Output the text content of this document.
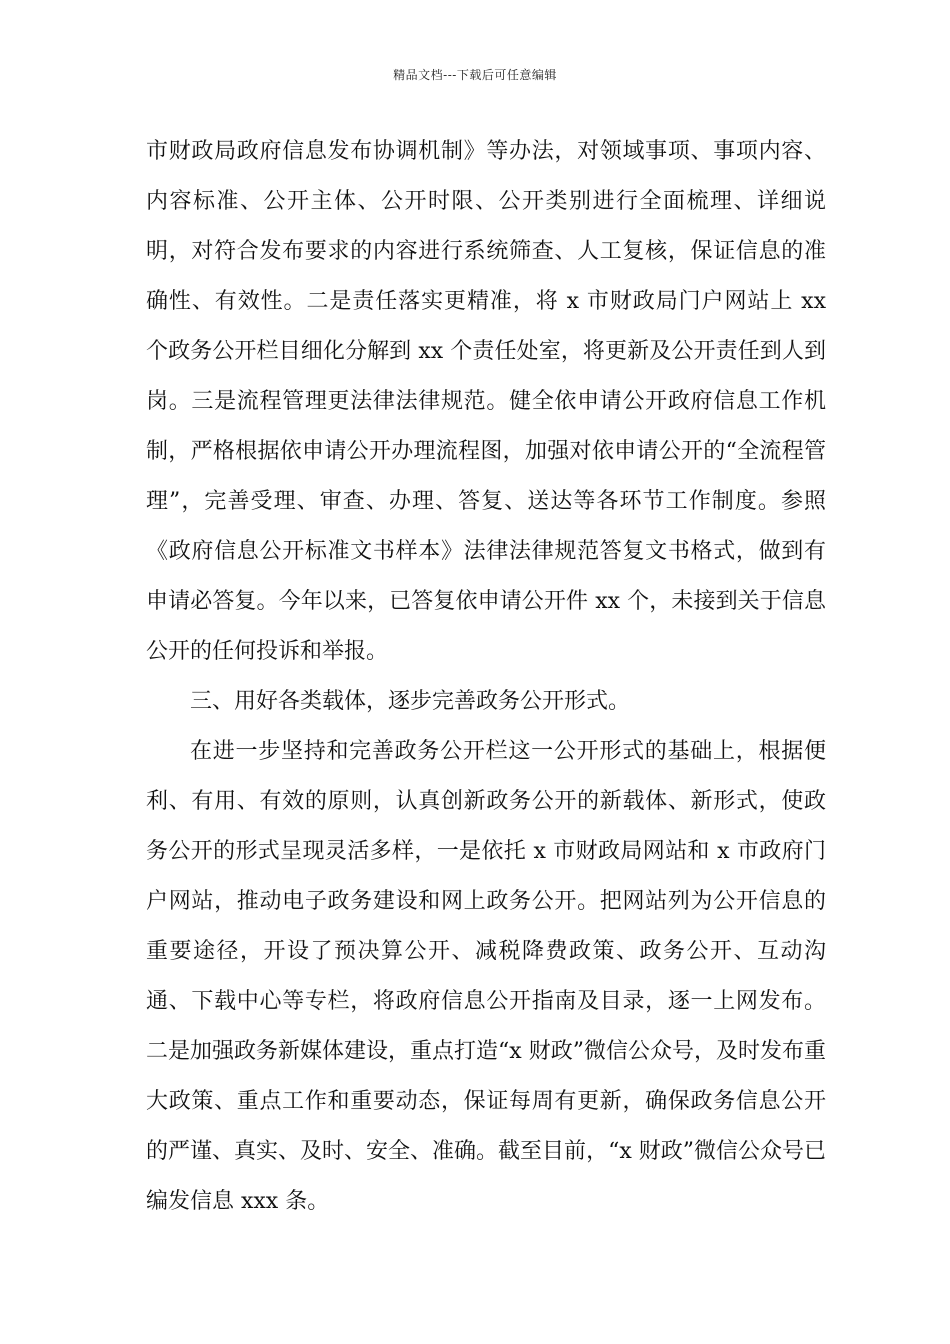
精品文档---下载后可任意编辑

市财政局政府信息发布协调机制》等办法，对领域事项、事项内容、内容标准、公开主体、公开时限、公开类别进行全面梳理、详细说明，对符合发布要求的内容进行系统筛查、人工复核，保证信息的准确性、有效性。二是责任落实更精准，将 x 市财政局门户网站上 xx 个政务公开栏目细化分解到 xx 个责任处室，将更新及公开责任到人到岗。三是流程管理更法律法律规范。健全依申请公开政府信息工作机制，严格根据依申请公开办理流程图，加强对依申请公开的“全流程管理”，完善受理、审查、办理、答复、送达等各环节工作制度。参照《政府信息公开标准文书样本》法律法律规范答复文书格式，做到有申请必答复。今年以来，已答复依申请公开件 xx 个，未接到关于信息公开的任何投诉和举报。

三、用好各类载体，逐步完善政务公开形式。

在进一步坚持和完善政务公开栏这一公开形式的基础上，根据便利、有用、有效的原则，认真创新政务公开的新载体、新形式，使政务公开的形式呈现灵活多样，一是依托 x 市财政局网站和 x 市政府门户网站，推动电子政务建设和网上政务公开。把网站列为公开信息的重要途径，开设了预决算公开、减税降费政策、政务公开、互动沟通、下载中心等专栏，将政府信息公开指南及目录，逐一上网发布。二是加强政务新媒体建设，重点打造“x 财政”微信公众号，及时发布重大政策、重点工作和重要动态，保证每周有更新，确保政务信息公开的严谨、真实、及时、安全、准确。截至目前，“x 财政”微信公众号已编发信息 xxx 条。
